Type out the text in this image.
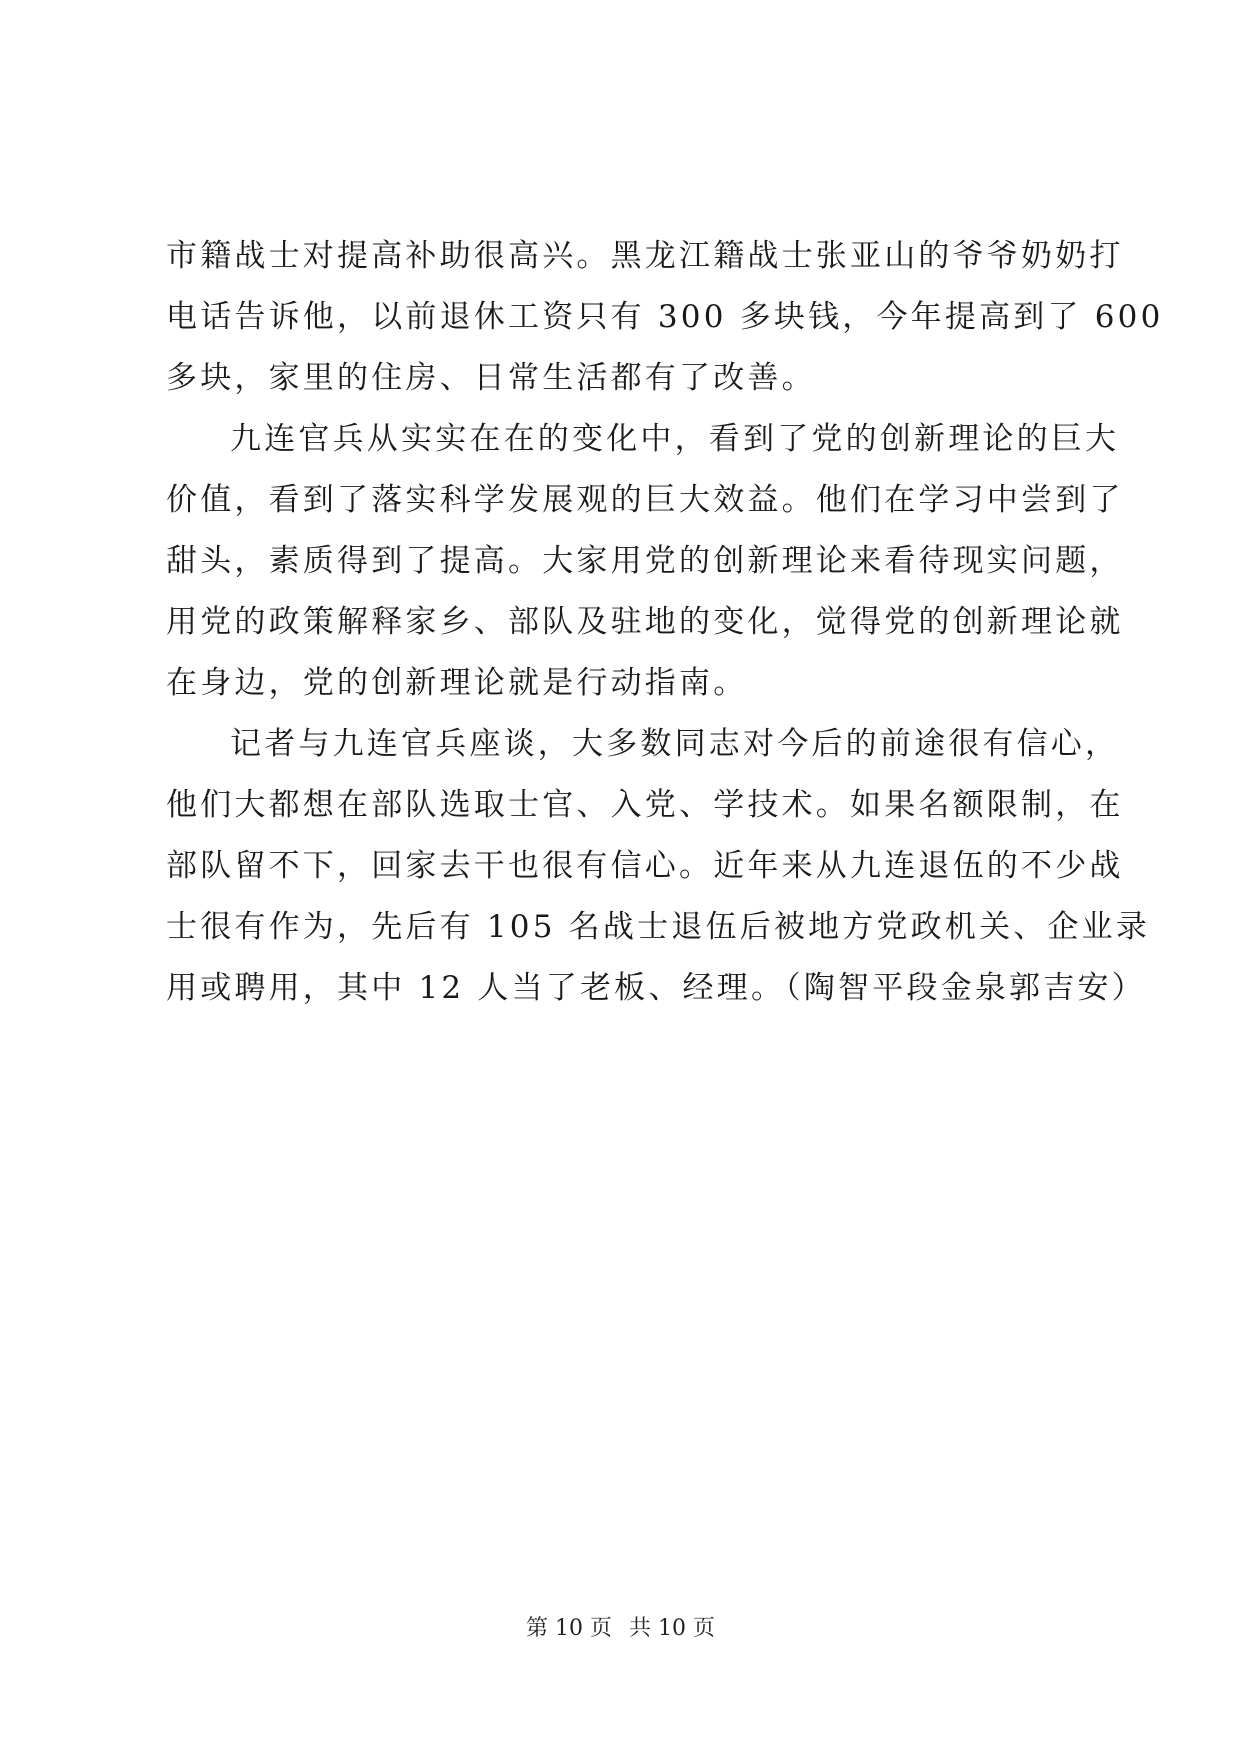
市籍战士对提高补助很高兴。黑龙江籍战士张亚山的爷爷奶奶打
电话告诉他，以前退休工资只有 300 多块钱，今年提高到了 600
多块，家里的住房、日常生活都有了改善。
九连官兵从实实在在的变化中，看到了党的创新理论的巨大
价值，看到了落实科学发展观的巨大效益。他们在学习中尝到了
甜头，素质得到了提高。大家用党的创新理论来看待现实问题，
用党的政策解释家乡、部队及驻地的变化，觉得党的创新理论就
在身边，党的创新理论就是行动指南。
记者与九连官兵座谈，大多数同志对今后的前途很有信心，
他们大都想在部队选取士官、入党、学技术。如果名额限制，在
部队留不下，回家去干也很有信心。近年来从九连退伍的不少战
士很有作为，先后有 105 名战士退伍后被地方党政机关、企业录
用或聘用，其中 12 人当了老板、经理。（陶智平段金泉郭吉安）
第 10 页 共 10 页
